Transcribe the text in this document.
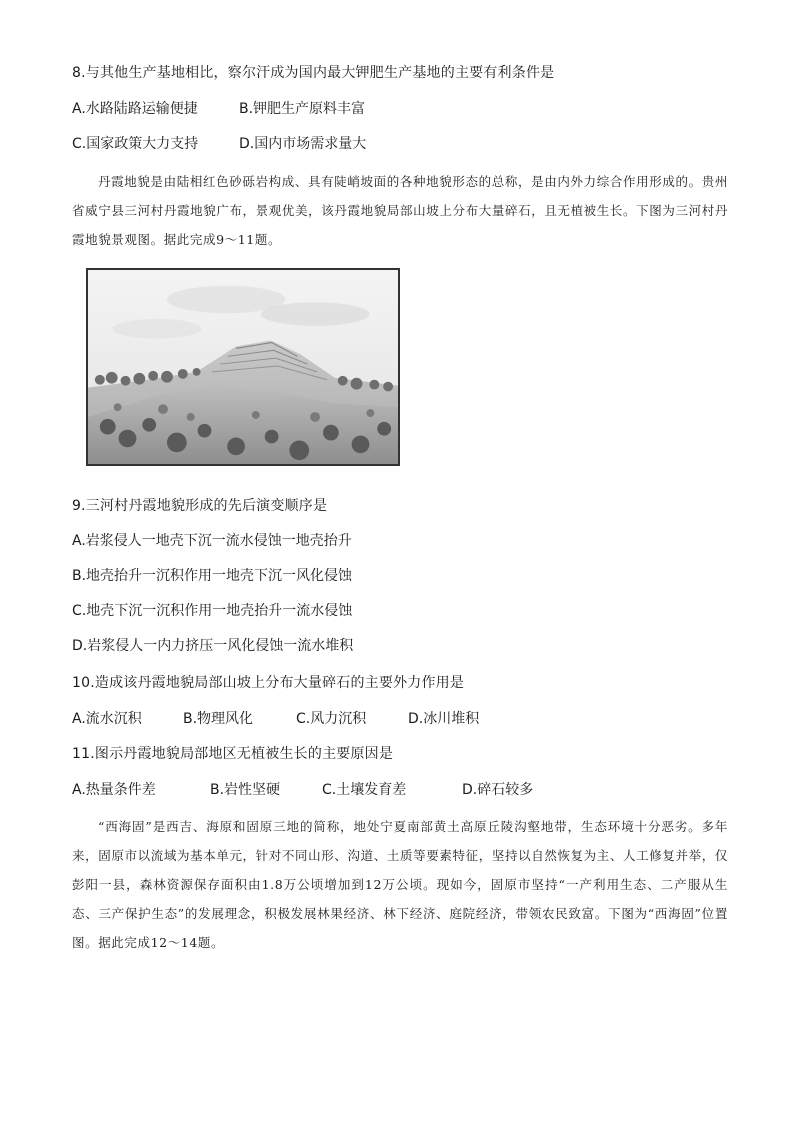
8.与其他生产基地相比，察尔汗成为国内最大钾肥生产基地的主要有利条件是
A.水路陆路运输便捷	B.钾肥生产原料丰富
C.国家政策大力支持	D.国内市场需求量大
丹霞地貌是由陆相红色砂砾岩构成、具有陡峭坡面的各种地貌形态的总称，是由内外力综合作用形成的。贵州省威宁县三河村丹霞地貌广布，景观优美，该丹霞地貌局部山坡上分布大量碎石，且无植被生长。下图为三河村丹霞地貌景观图。据此完成9～11题。
9.三河村丹霞地貌形成的先后演变顺序是
A.岩浆侵人一地壳下沉一流水侵蚀一地壳抬升
B.地壳抬升一沉积作用一地壳下沉一风化侵蚀
C.地壳下沉一沉积作用一地壳抬升一流水侵蚀
D.岩浆侵人一内力挤压一风化侵蚀一流水堆积
10.造成该丹霞地貌局部山坡上分布大量碎石的主要外力作用是
A.流水沉积	B.物理风化	C.风力沉积	D.冰川堆积
11.图示丹霞地貌局部地区无植被生长的主要原因是
A.热量条件差	B.岩性坚硬	C.土壤发育差	D.碎石较多
“西海固”是西吉、海原和固原三地的简称，地处宁夏南部黄土高原丘陵沟壑地带，生态环境十分恶劣。多年来，固原市以流域为基本单元，针对不同山形、沟道、土质等要素特征，坚持以自然恢复为主、人工修复并举，仅彭阳一县，森林资源保存面积由1.8万公顷增加到12万公顷。现如今，固原市坚持“一产利用生态、二产服从生态、三产保护生态”的发展理念，积极发展林果经济、林下经济、庭院经济，带领农民致富。下图为“西海固”位置图。据此完成12～14题。
